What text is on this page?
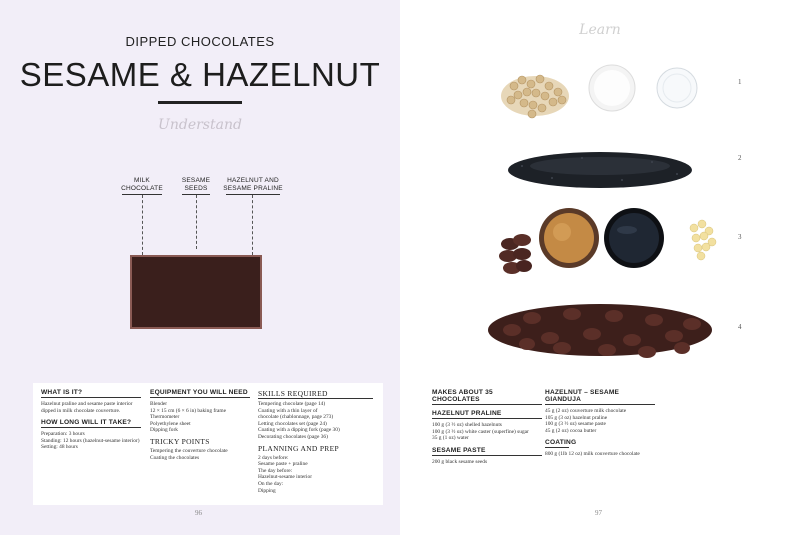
DIPPED CHOCOLATES
SESAME & HAZELNUT
Understand
MILK
CHOCOLATE
SESAME
SEEDS
HAZELNUT AND
SESAME PRALINE
WHAT IS IT?
Hazelnut praline and sesame paste interior
dipped in milk chocolate couverture.
HOW LONG WILL IT TAKE?
Preparation: 3 hours
Standing: 12 hours (hazelnut-sesame interior)
Setting: 48 hours
EQUIPMENT YOU WILL NEED
Blender
12 × 15 cm (6 × 6 in) baking frame
Thermometer
Polyethylene sheet
Dipping fork
TRICKY POINTS
Tempering the couverture chocolate
Coating the chocolates
SKILLS REQUIRED
Tempering chocolate (page 14)
Coating with a thin layer of
chocolate (chablonnage, page 273)
Letting chocolates set (page 24)
Coating with a dipping fork (page 30)
Decorating chocolates (page 36)
PLANNING AND PREP
2 days before:
Sesame paste + praline
The day before:
Hazelnut-sesame interior
On the day:
Dipping
96
Learn
MAKES ABOUT 35 CHOCOLATES
HAZELNUT PRALINE
100 g (3 ½ oz) shelled hazelnuts
100 g (3 ½ oz) white caster (superfine) sugar
35 g (1 oz) water
SESAME PASTE
200 g black sesame seeds
HAZELNUT – SESAME GIANDUJA
45 g (2 oz) couverture milk chocolate
105 g (3 oz) hazelnut praline
100 g (3 ½ oz) sesame paste
45 g (2 oz) cocoa butter
COATING
800 g (1lb 12 oz) milk couverture chocolate
97
1
2
3
4
